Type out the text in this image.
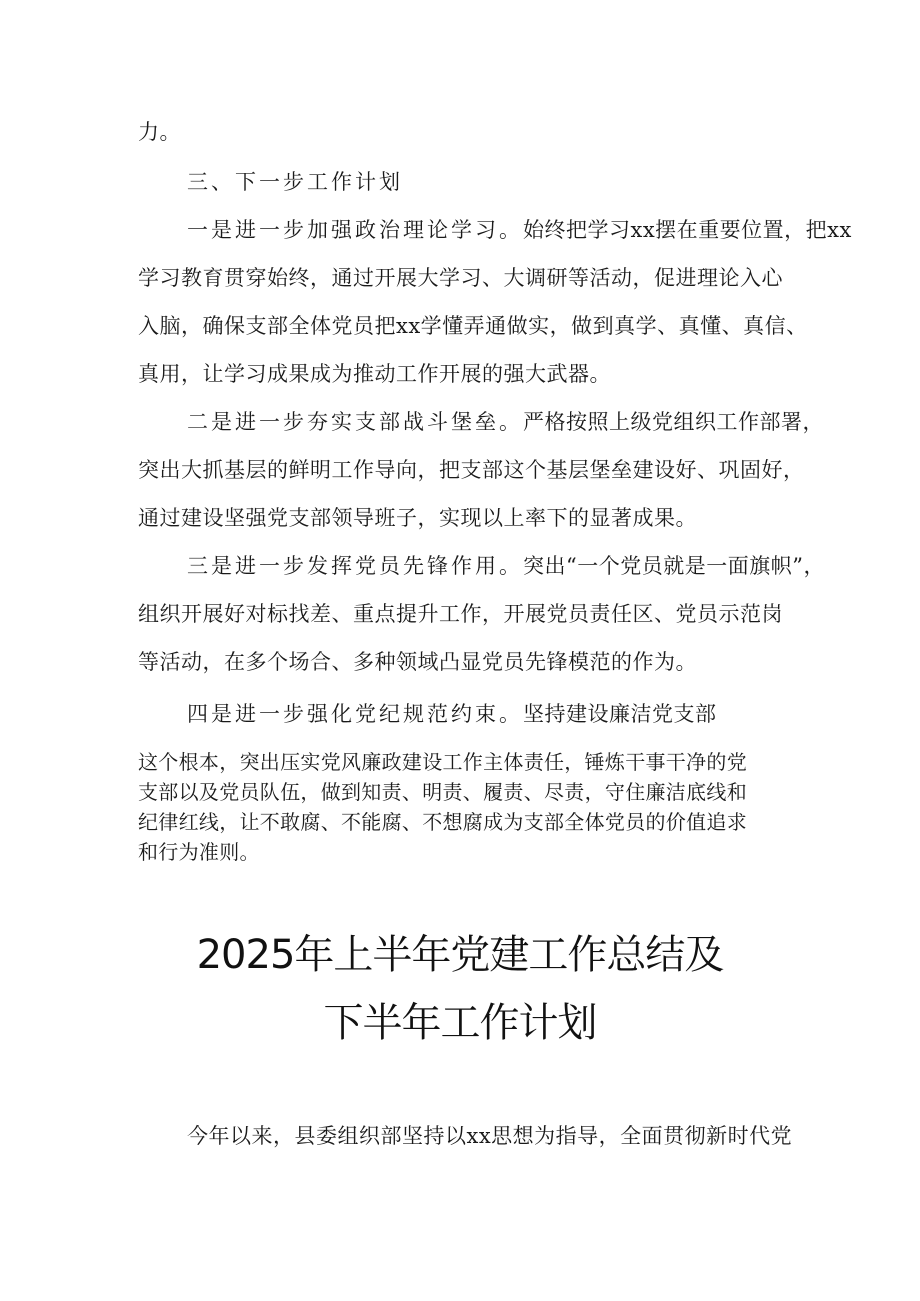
力。
三、下一步工作计划
一是进一步加强政治理论学习。始终把学习xx摆在重要位置，把xx
学习教育贯穿始终，通过开展大学习、大调研等活动，促进理论入心
入脑，确保支部全体党员把xx学懂弄通做实，做到真学、真懂、真信、
真用，让学习成果成为推动工作开展的强大武器。
二是进一步夯实支部战斗堡垒。严格按照上级党组织工作部署，
突出大抓基层的鲜明工作导向，把支部这个基层堡垒建设好、巩固好，
通过建设坚强党支部领导班子，实现以上率下的显著成果。
三是进一步发挥党员先锋作用。突出“一个党员就是一面旗帜”，
组织开展好对标找差、重点提升工作，开展党员责任区、党员示范岗
等活动，在多个场合、多种领域凸显党员先锋模范的作为。
四是进一步强化党纪规范约束。坚持建设廉洁党支部
这个根本，突出压实党风廉政建设工作主体责任，锤炼干事干净的党
支部以及党员队伍，做到知责、明责、履责、尽责，守住廉洁底线和
纪律红线，让不敢腐、不能腐、不想腐成为支部全体党员的价值追求
和行为准则。
2025年上半年党建工作总结及
下半年工作计划
今年以来，县委组织部坚持以xx思想为指导，全面贯彻新时代党
